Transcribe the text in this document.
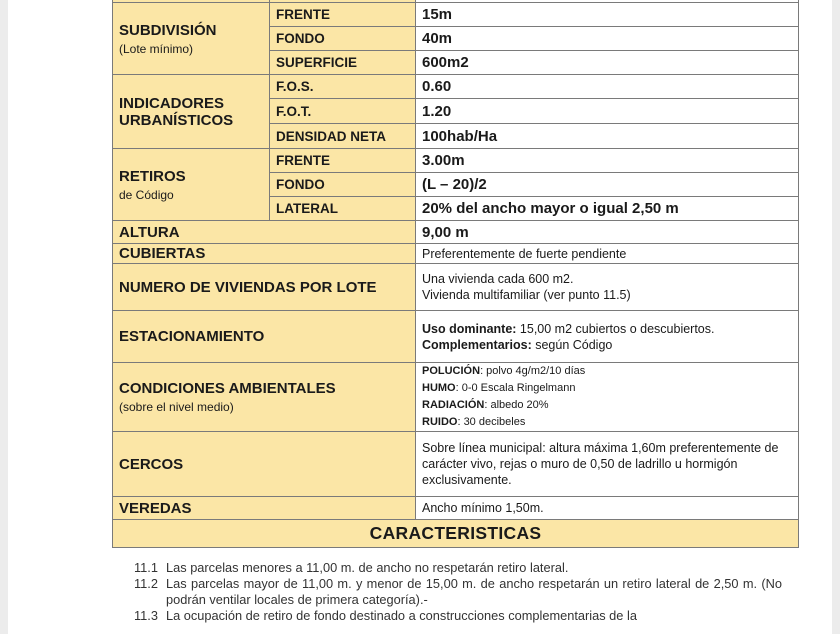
SUBDIVISIÓN
(Lote mínimo)	FRENTE	15m
	FONDO	40m
	SUPERFICIE	600m2
INDICADORES
URBANÍSTICOS	F.O.S.	0.60
	F.O.T.	1.20
	DENSIDAD NETA	100hab/Ha
RETIROS
de Código	FRENTE	3.00m
	FONDO	(L – 20)/2
	LATERAL	20% del ancho mayor o igual 2,50 m
ALTURA		9,00 m
CUBIERTAS		Preferentemente de fuerte pendiente
NUMERO DE VIVIENDAS POR LOTE		Una vivienda cada 600 m2.
Vivienda multifamiliar (ver punto 11.5)
ESTACIONAMIENTO		Uso dominante: 15,00 m2 cubiertos o descubiertos.
Complementarios: según Código
CONDICIONES AMBIENTALES
(sobre el nivel medio)		POLUCIÓN: polvo 4g/m2/10 días
HUMO: 0-0 Escala Ringelmann
RADIACIÓN: albedo 20%
RUIDO: 30 decibeles
CERCOS		Sobre línea municipal: altura máxima 1,60m preferentemente de carácter vivo, rejas o muro de 0,50 de ladrillo u hormigón exclusivamente.
VEREDAS		Ancho mínimo 1,50m.
CARACTERISTICAS		
11.1 Las parcelas menores a 11,00 m. de ancho no respetarán retiro lateral.
11.2 Las parcelas mayor de 11,00 m. y menor de 15,00 m. de ancho respetarán un retiro lateral de 2,50 m. (No podrán ventilar locales de primera categoría).-
11.3 La ocupación de retiro de fondo destinado a construcciones complementarias de la
